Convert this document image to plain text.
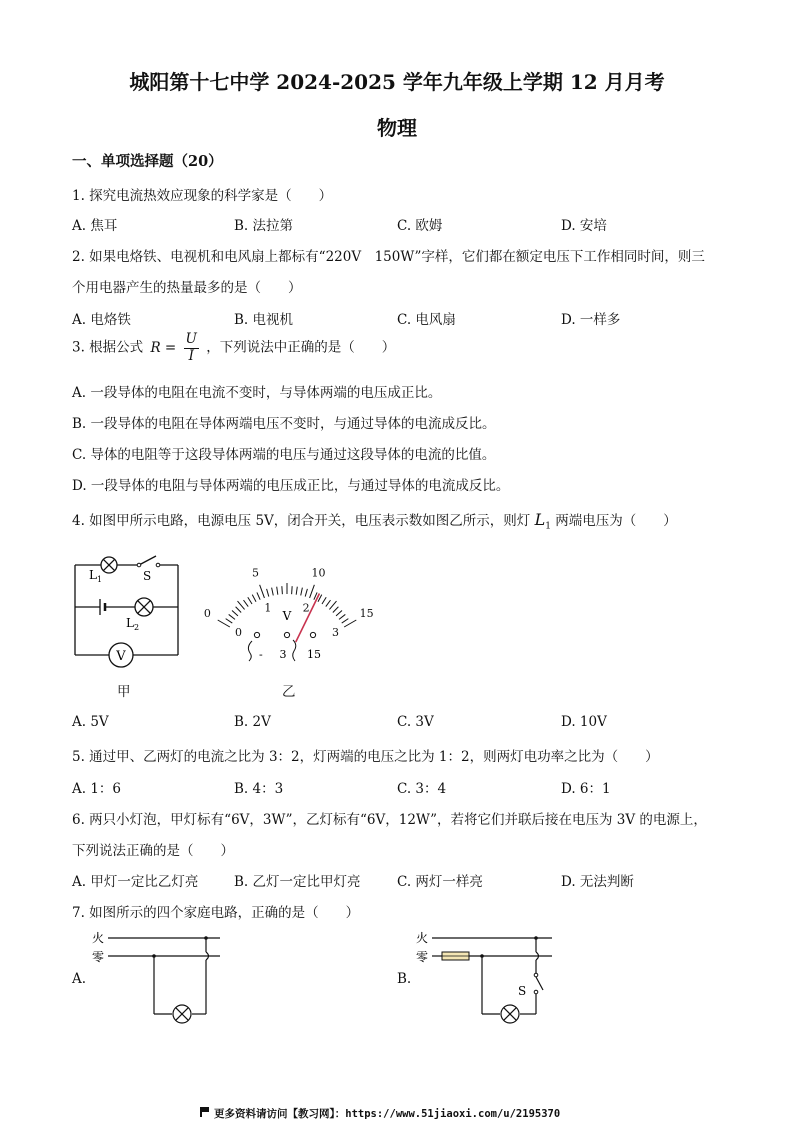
城阳第十七中学 2024-2025 学年九年级上学期 12 月月考
物理
一、单项选择题（20）
1. 探究电流热效应现象的科学家是（　　）
A. 焦耳	B. 法拉第	C. 欧姆	D. 安培
2. 如果电烙铁、电视机和电风扇上都标有“220V　150W”字样，它们都在额定电压下工作相同时间，则三
个用电器产生的热量最多的是（　　）
A. 电烙铁	B. 电视机	C. 电风扇	D. 一样多
3. 根据公式 $R = \frac{U}{I}$ ，下列说法中正确的是（　　）
A. 一段导体的电阻在电流不变时，与导体两端的电压成正比。
B. 一段导体的电阻在导体两端电压不变时，与通过导体的电流成反比。
C. 导体的电阻等于这段导体两端的电压与通过这段导体的电流的比值。
D. 一段导体的电阻与导体两端的电压成正比，与通过导体的电流成反比。
4. 如图甲所示电路，电源电压 5V，闭合开关，电压表示数如图乙所示，则灯 $L_1$ 两端电压为（　　）
V
$L_1$	S
$L_2$
甲
0
5	10
15
0
1	2
3
V
- 3 15
乙
A. 5V	B. 2V	C. 3V	D. 10V
5. 通过甲、乙两灯的电流之比为 3：2，灯两端的电压之比为 1：2，则两灯电功率之比为（　　）
A. 1：6	B. 4：3	C. 3：4	D. 6：1
6. 两只小灯泡，甲灯标有“6V，3W”，乙灯标有“6V，12W”，若将它们并联后接在电压为 3V 的电源上，
下列说法正确的是（　　）
A. 甲灯一定比乙灯亮	B. 乙灯一定比甲灯亮	C. 两灯一样亮	D. 无法判断
7. 如图所示的四个家庭电路，正确的是（　　）
A.
火
零
B.
火
零
S
更多资料请访问【教习网】：https://www.51jiaoxi.com/u/2195370
